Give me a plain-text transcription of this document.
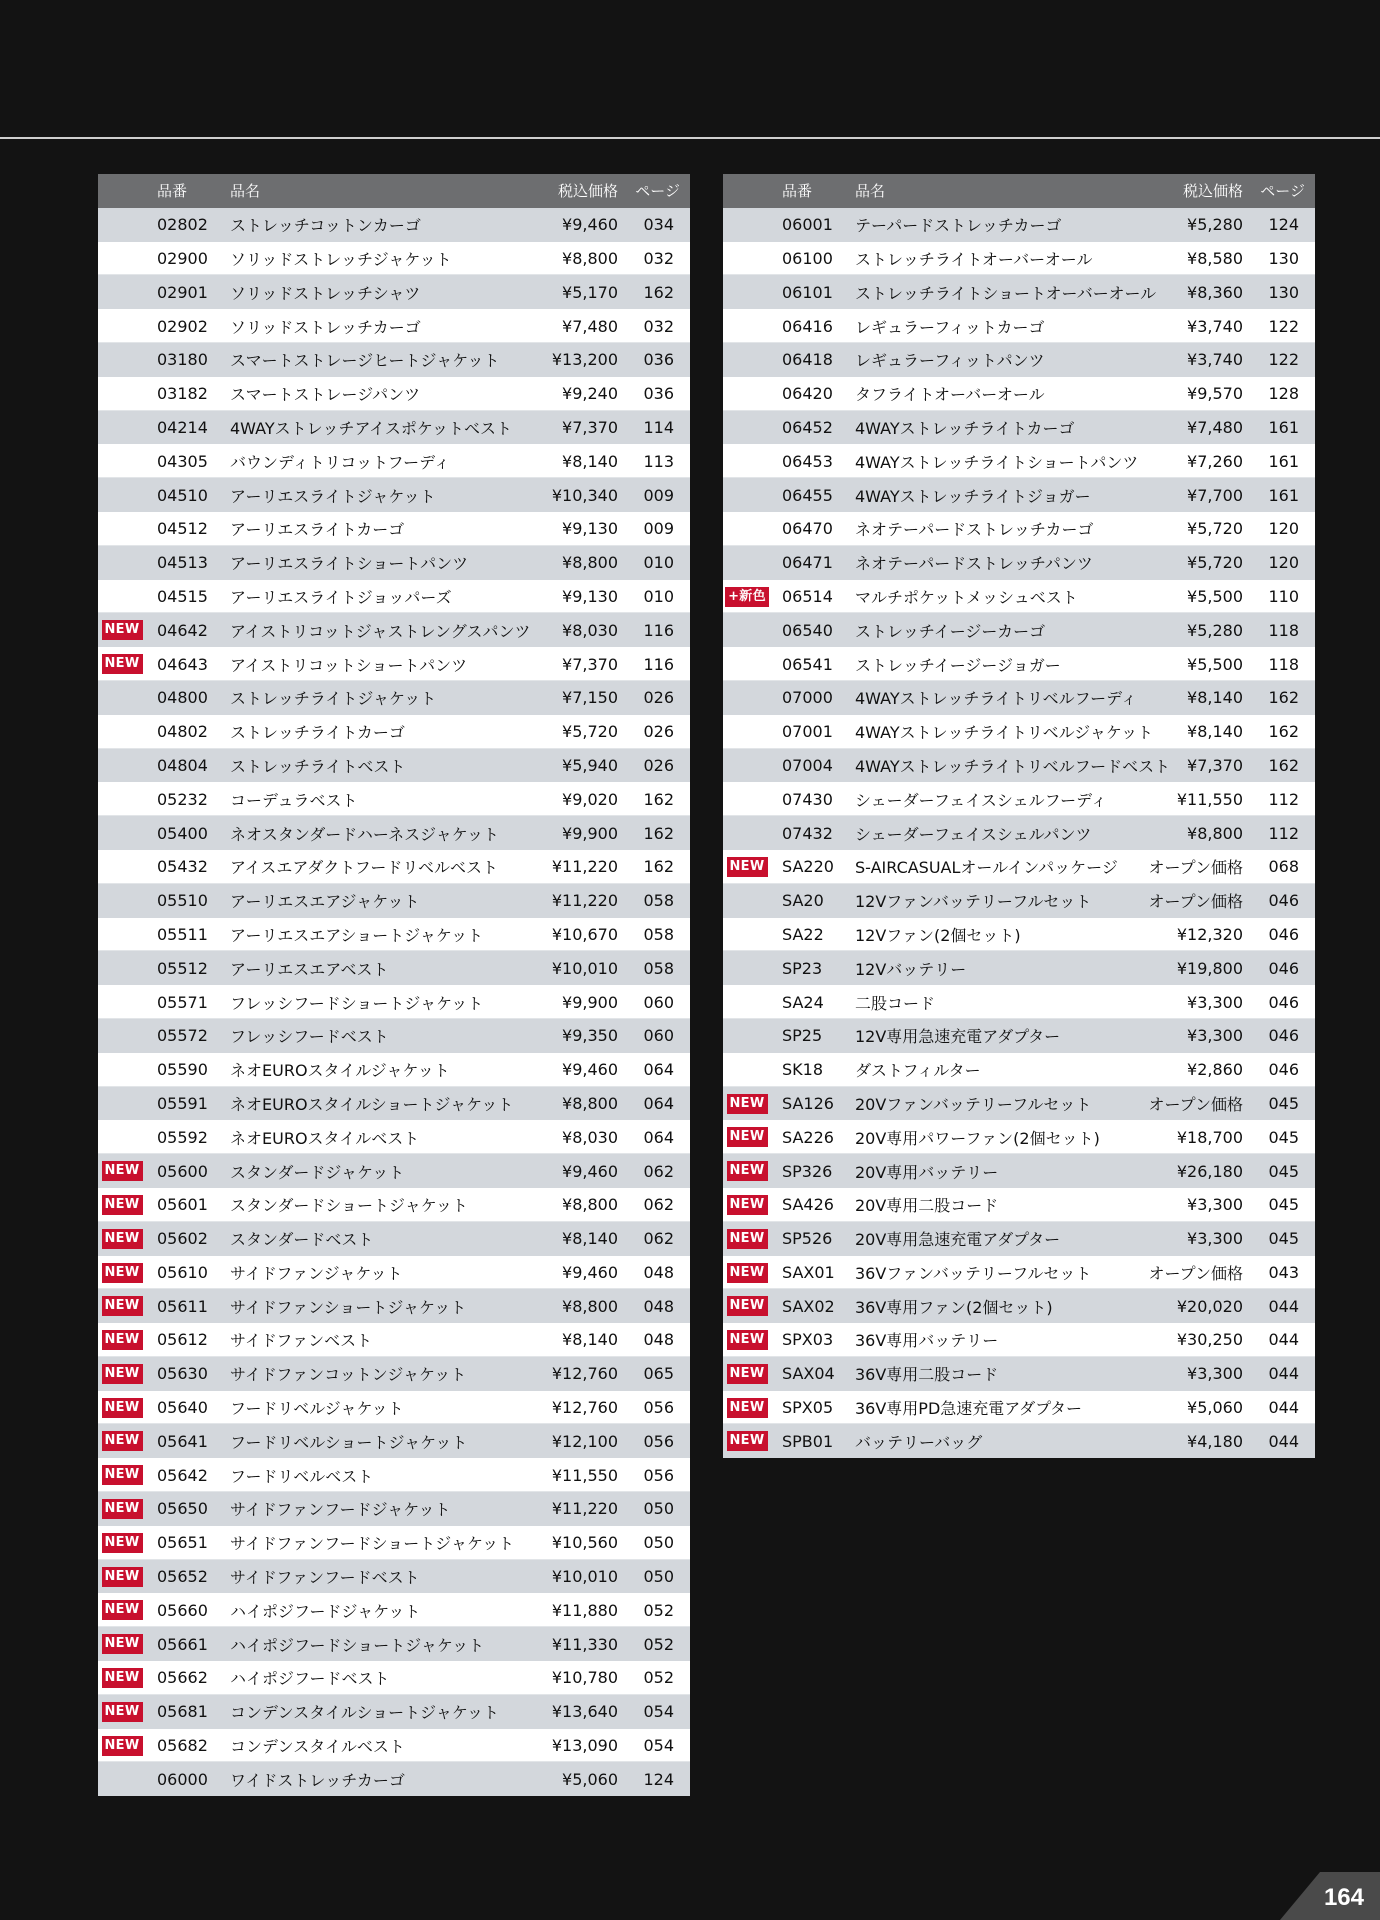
品番	品名	税込価格 ページ
02802 ストレッチコットンカーゴ	¥9,460 034
02900 ソリッドストレッチジャケット	¥8,800 032
02901 ソリッドストレッチシャツ	¥5,170 162
02902 ソリッドストレッチカーゴ	¥7,480 032
03180 スマートストレージヒートジャケット	¥13,200 036
03182 スマートストレージパンツ	¥9,240 036
04214 4WAYストレッチアイスポケットベスト	¥7,370 114
04305 バウンディトリコットフーディ	¥8,140 113
04510 アーリエスライトジャケット	¥10,340 009
04512 アーリエスライトカーゴ	¥9,130 009
04513 アーリエスライトショートパンツ	¥8,800 010
04515 アーリエスライトジョッパーズ	¥9,130 010
NEW 04642 アイストリコットジャストレングスパンツ ¥8,030 116
NEW 04643 アイストリコットショートパンツ	¥7,370 116
04800 ストレッチライトジャケット	¥7,150 026
04802 ストレッチライトカーゴ	¥5,720 026
04804 ストレッチライトベスト	¥5,940 026
05232 コーデュラベスト	¥9,020 162
05400 ネオスタンダードハーネスジャケット	¥9,900 162
05432 アイスエアダクトフードリベルベスト	¥11,220 162
05510 アーリエスエアジャケット	¥11,220 058
05511 アーリエスエアショートジャケット	¥10,670 058
05512 アーリエスエアベスト	¥10,010 058
05571 フレッシフードショートジャケット	¥9,900 060
05572 フレッシフードベスト	¥9,350 060
05590 ネオEUROスタイルジャケット	¥9,460 064
05591 ネオEUROスタイルショートジャケット	¥8,800 064
05592 ネオEUROスタイルベスト	¥8,030 064
NEW 05600 スタンダードジャケット	¥9,460 062
NEW 05601 スタンダードショートジャケット	¥8,800 062
NEW 05602 スタンダードベスト	¥8,140 062
NEW 05610 サイドファンジャケット	¥9,460 048
NEW 05611 サイドファンショートジャケット	¥8,800 048
NEW 05612 サイドファンベスト	¥8,140 048
NEW 05630 サイドファンコットンジャケット	¥12,760 065
NEW 05640 フードリベルジャケット	¥12,760 056
NEW 05641 フードリベルショートジャケット	¥12,100 056
NEW 05642 フードリベルベスト	¥11,550 056
NEW 05650 サイドファンフードジャケット	¥11,220 050
NEW 05651 サイドファンフードショートジャケット ¥10,560 050
NEW 05652 サイドファンフードベスト	¥10,010 050
NEW 05660 ハイポジフードジャケット	¥11,880 052
NEW 05661 ハイポジフードショートジャケット	¥11,330 052
NEW 05662 ハイポジフードベスト	¥10,780 052
NEW 05681 コンデンスタイルショートジャケット	¥13,640 054
NEW 05682 コンデンスタイルベスト	¥13,090 054
06000 ワイドストレッチカーゴ	¥5,060 124
品番	品名	税込価格 ページ
06001 テーパードストレッチカーゴ	¥5,280 124
06100 ストレッチライトオーバーオール	¥8,580 130
06101 ストレッチライトショートオーバーオール ¥8,360 130
06416 レギュラーフィットカーゴ	¥3,740 122
06418 レギュラーフィットパンツ	¥3,740 122
06420 タフライトオーバーオール	¥9,570 128
06452 4WAYストレッチライトカーゴ	¥7,480 161
06453 4WAYストレッチライトショートパンツ	¥7,260 161
06455 4WAYストレッチライトジョガー	¥7,700 161
06470 ネオテーパードストレッチカーゴ	¥5,720 120
06471 ネオテーパードストレッチパンツ	¥5,720 120
+新色 06514 マルチポケットメッシュベスト	¥5,500 110
06540 ストレッチイージーカーゴ	¥5,280 118
06541 ストレッチイージージョガー	¥5,500 118
07000 4WAYストレッチライトリベルフーディ	¥8,140 162
07001 4WAYストレッチライトリベルジャケット ¥8,140 162
07004 4WAYストレッチライトリベルフードベスト ¥7,370 162
07430 シェーダーフェイスシェルフーディ	¥11,550 112
07432 シェーダーフェイスシェルパンツ	¥8,800 112
NEW SA220 S-AIRCASUALオールインパッケージ オープン価格 068
SA20 12Vファンバッテリーフルセット	オープン価格 046
SA22 12Vファン(2個セット)	¥12,320 046
SP23 12Vバッテリー	¥19,800 046
SA24 二股コード	¥3,300 046
SP25 12V専用急速充電アダプター	¥3,300 046
SK18 ダストフィルター	¥2,860 046
NEW SA126 20Vファンバッテリーフルセット	オープン価格 045
NEW SA226 20V専用パワーファン(2個セット)	¥18,700 045
NEW SP326 20V専用バッテリー	¥26,180 045
NEW SA426 20V専用二股コード	¥3,300 045
NEW SP526 20V専用急速充電アダプター	¥3,300 045
NEW SAX01 36Vファンバッテリーフルセット	オープン価格 043
NEW SAX02 36V専用ファン(2個セット)	¥20,020 044
NEW SPX03 36V専用バッテリー	¥30,250 044
NEW SAX04 36V専用二股コード	¥3,300 044
NEW SPX05 36V専用PD急速充電アダプター	¥5,060 044
NEW SPB01 バッテリーバッグ	¥4,180 044
164
